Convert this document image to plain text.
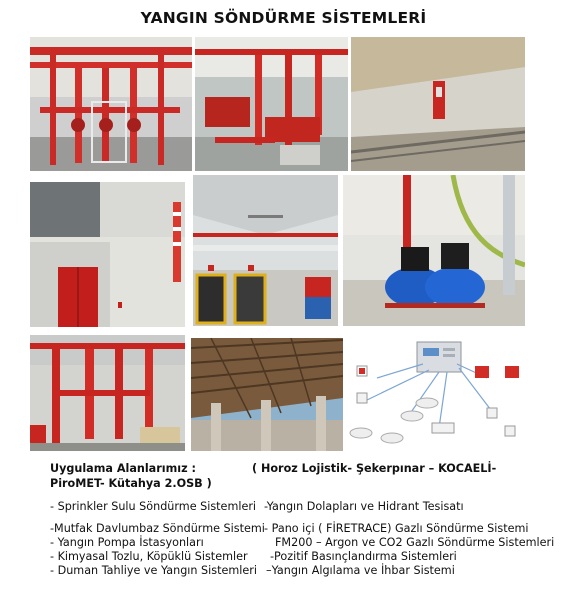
YANGIN SÖNDÜRME SİSTEMLERİ
Uygulama Alanlarımız :	( Horoz Lojistik- Şekerpınar – KOCAELİ-
PiroMET- Kütahya 2.OSB )
- Sprinkler Sulu Söndürme Sistemleri -Yangın Dolapları ve Hidrant Tesisatı
-Mutfak Davlumbaz Söndürme Sistemi - Pano içi ( FİRETRACE) Gazlı Söndürme Sistemi
- Yangın Pompa İstasyonları	FM200 – Argon ve CO2 Gazlı Söndürme Sistemleri
- Kimyasal Tozlu, Köpüklü Sistemler -Pozitif Basınçlandırma Sistemleri
- Duman Tahliye ve Yangın Sistemleri –Yangın Algılama ve İhbar Sistemi
